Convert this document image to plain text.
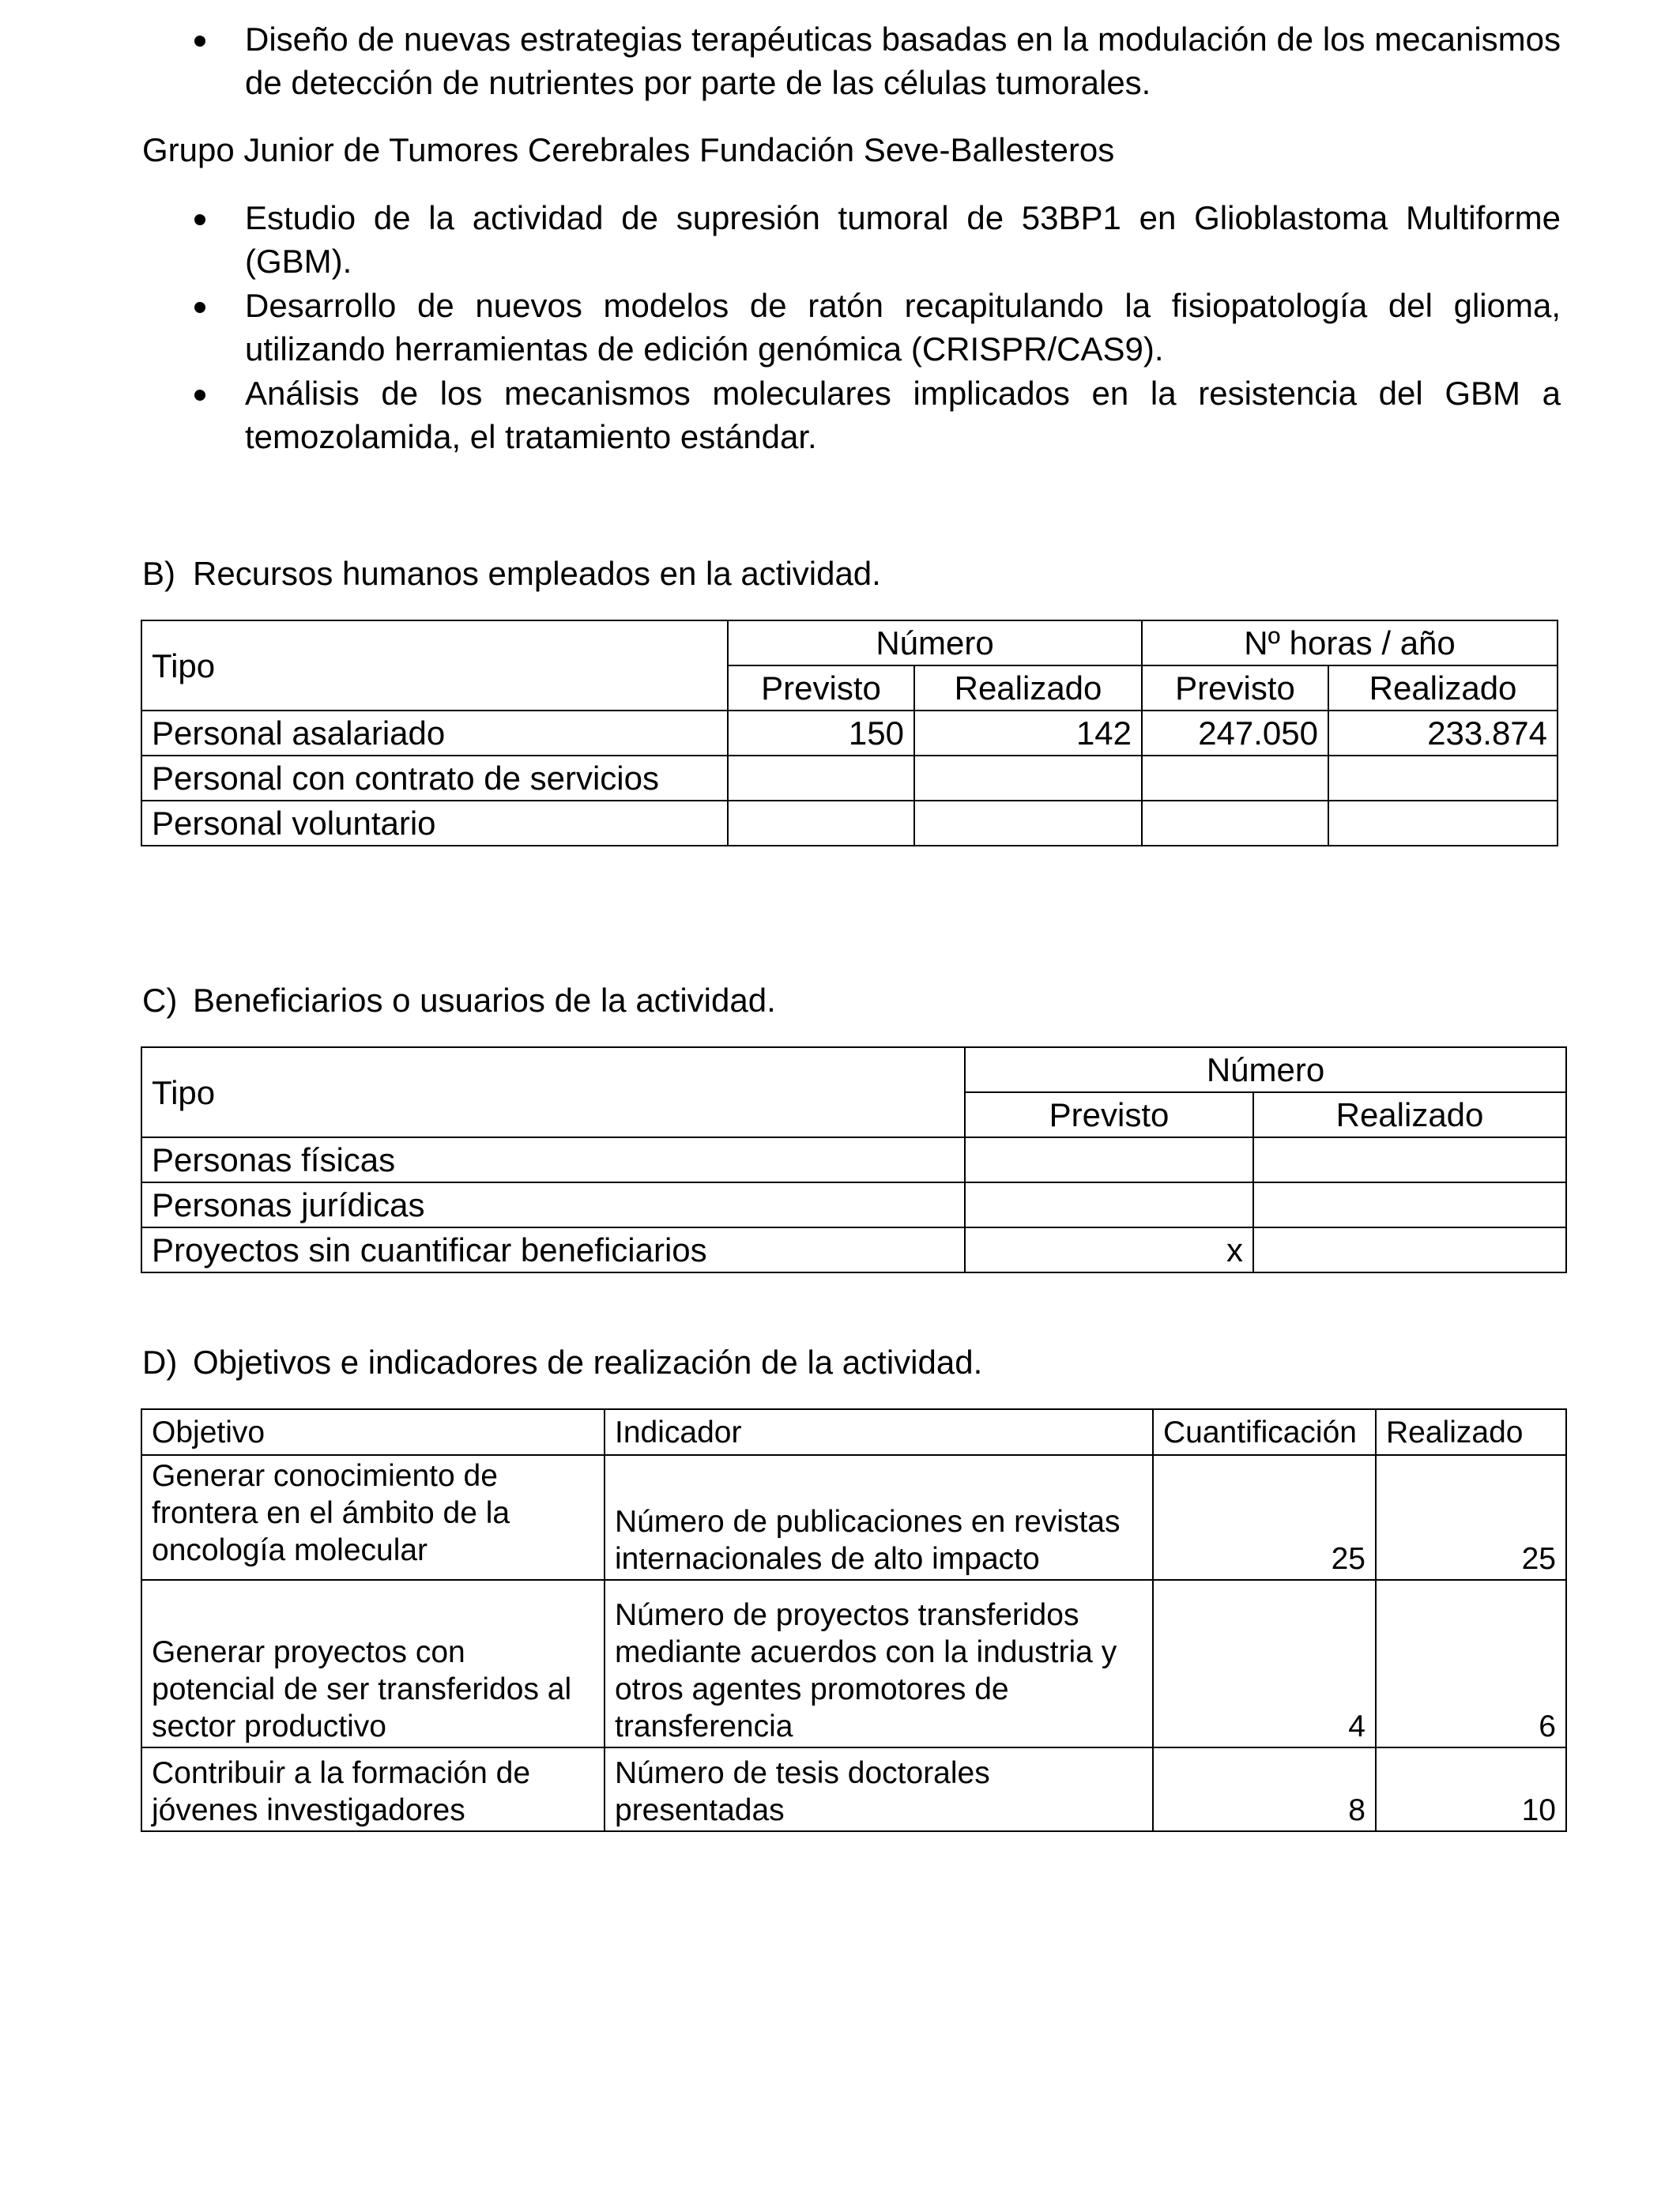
Diseño de nuevas estrategias terapéuticas basadas en la modulación de los mecanismos de detección de nutrientes por parte de las células tumorales.
Grupo Junior de Tumores Cerebrales Fundación Seve-Ballesteros
Estudio de la actividad de supresión tumoral de 53BP1 en Glioblastoma Multiforme (GBM).
Desarrollo de nuevos modelos de ratón recapitulando la fisiopatología del glioma, utilizando herramientas de edición genómica (CRISPR/CAS9).
Análisis de los mecanismos moleculares implicados en la resistencia del GBM a temozolamida, el tratamiento estándar.
B) Recursos humanos empleados en la actividad.
Tipo	Número		Nº horas / año	
	Previsto	Realizado	Previsto	Realizado
Personal asalariado	150	142	247.050	233.874
Personal con contrato de servicios				
Personal voluntario				
C) Beneficiarios o usuarios de la actividad.
Tipo	Número	
	Previsto	Realizado
Personas físicas		
Personas jurídicas		
Proyectos sin cuantificar beneficiarios	x	
D) Objetivos e indicadores de realización de la actividad.
Objetivo	Indicador	Cuantificación	Realizado
Generar conocimiento de frontera en el ámbito de la oncología molecular	Número de publicaciones en revistas internacionales de alto impacto	25	25
Generar proyectos con potencial de ser transferidos al sector productivo	Número de proyectos transferidos mediante acuerdos con la industria y otros agentes promotores de transferencia	4	6
Contribuir a la formación de jóvenes investigadores	Número de tesis doctorales presentadas	8	10
